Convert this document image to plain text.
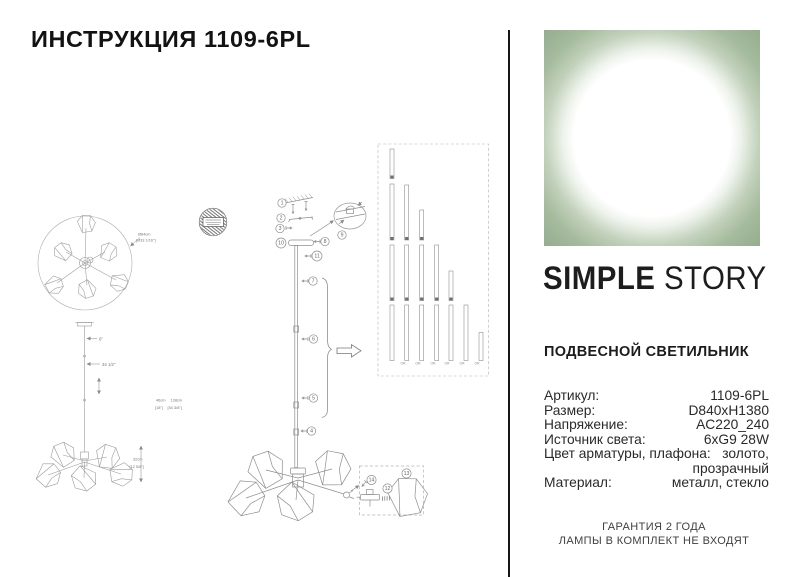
ИНСТРУКЦИЯ 1109-6PL
Ø84cm
[Ø33 1/16"]
6"
34 1/2"
46cm 138cm
[18"] [54 3/8"]
32cm
[12 5/8"]
OR	OR	OR	OR	OR	OR
1
2
3
4
5
6
7
8
9
10
11
12
13
14
SIMPLE STORY
ПОДВЕСНОЙ СВЕТИЛЬНИК
Артикул:	1109-6PL
Размер:	D840xH1380
Напряжение:	AC220_240
Источник света:	6xG9 28W
Цвет арматуры, плафона: золото,
прозрачный
Материал:	металл, стекло
ГАРАНТИЯ 2 ГОДА
ЛАМПЫ В КОМПЛЕКТ НЕ ВХОДЯТ
